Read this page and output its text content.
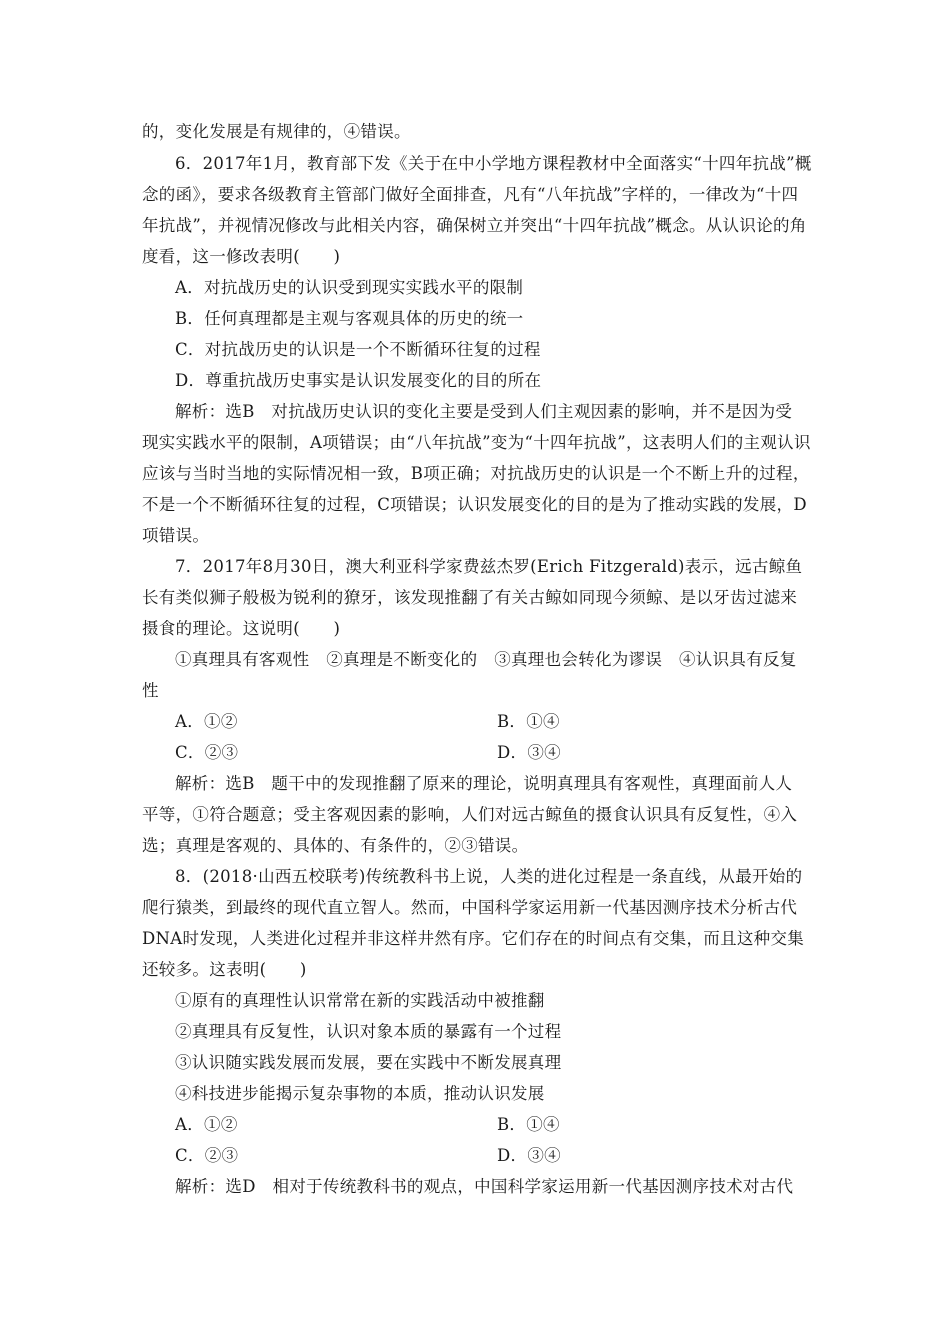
的，变化发展是有规律的，④错误。
6．2017年1月，教育部下发《关于在中小学地方课程教材中全面落实“十四年抗战”概
念的函》，要求各级教育主管部门做好全面排查，凡有“八年抗战”字样的，一律改为“十四
年抗战”，并视情况修改与此相关内容，确保树立并突出“十四年抗战”概念。从认识论的角
度看，这一修改表明(　　)
A．对抗战历史的认识受到现实实践水平的限制
B．任何真理都是主观与客观具体的历史的统一
C．对抗战历史的认识是一个不断循环往复的过程
D．尊重抗战历史事实是认识发展变化的目的所在
解析：选B　对抗战历史认识的变化主要是受到人们主观因素的影响，并不是因为受
现实实践水平的限制，A项错误；由“八年抗战”变为“十四年抗战”，这表明人们的主观认识
应该与当时当地的实际情况相一致，B项正确；对抗战历史的认识是一个不断上升的过程，
不是一个不断循环往复的过程，C项错误；认识发展变化的目的是为了推动实践的发展，D
项错误。
7．2017年8月30日，澳大利亚科学家费兹杰罗(Erich Fitzgerald)表示，远古鲸鱼
长有类似狮子般极为锐利的獠牙，该发现推翻了有关古鲸如同现今须鲸、是以牙齿过滤来
摄食的理论。这说明(　　)
①真理具有客观性　②真理是不断变化的　③真理也会转化为谬误　④认识具有反复
性
A．①②	B．①④
C．②③	D．③④
解析：选B　题干中的发现推翻了原来的理论，说明真理具有客观性，真理面前人人
平等，①符合题意；受主客观因素的影响，人们对远古鲸鱼的摄食认识具有反复性，④入
选；真理是客观的、具体的、有条件的，②③错误。
8．(2018·山西五校联考)传统教科书上说，人类的进化过程是一条直线，从最开始的
爬行猿类，到最终的现代直立智人。然而，中国科学家运用新一代基因测序技术分析古代
DNA时发现，人类进化过程并非这样井然有序。它们存在的时间点有交集，而且这种交集
还较多。这表明(　　)
①原有的真理性认识常常在新的实践活动中被推翻
②真理具有反复性，认识对象本质的暴露有一个过程
③认识随实践发展而发展，要在实践中不断发展真理
④科技进步能揭示复杂事物的本质，推动认识发展
A．①②	B．①④
C．②③	D．③④
解析：选D　相对于传统教科书的观点，中国科学家运用新一代基因测序技术对古代
